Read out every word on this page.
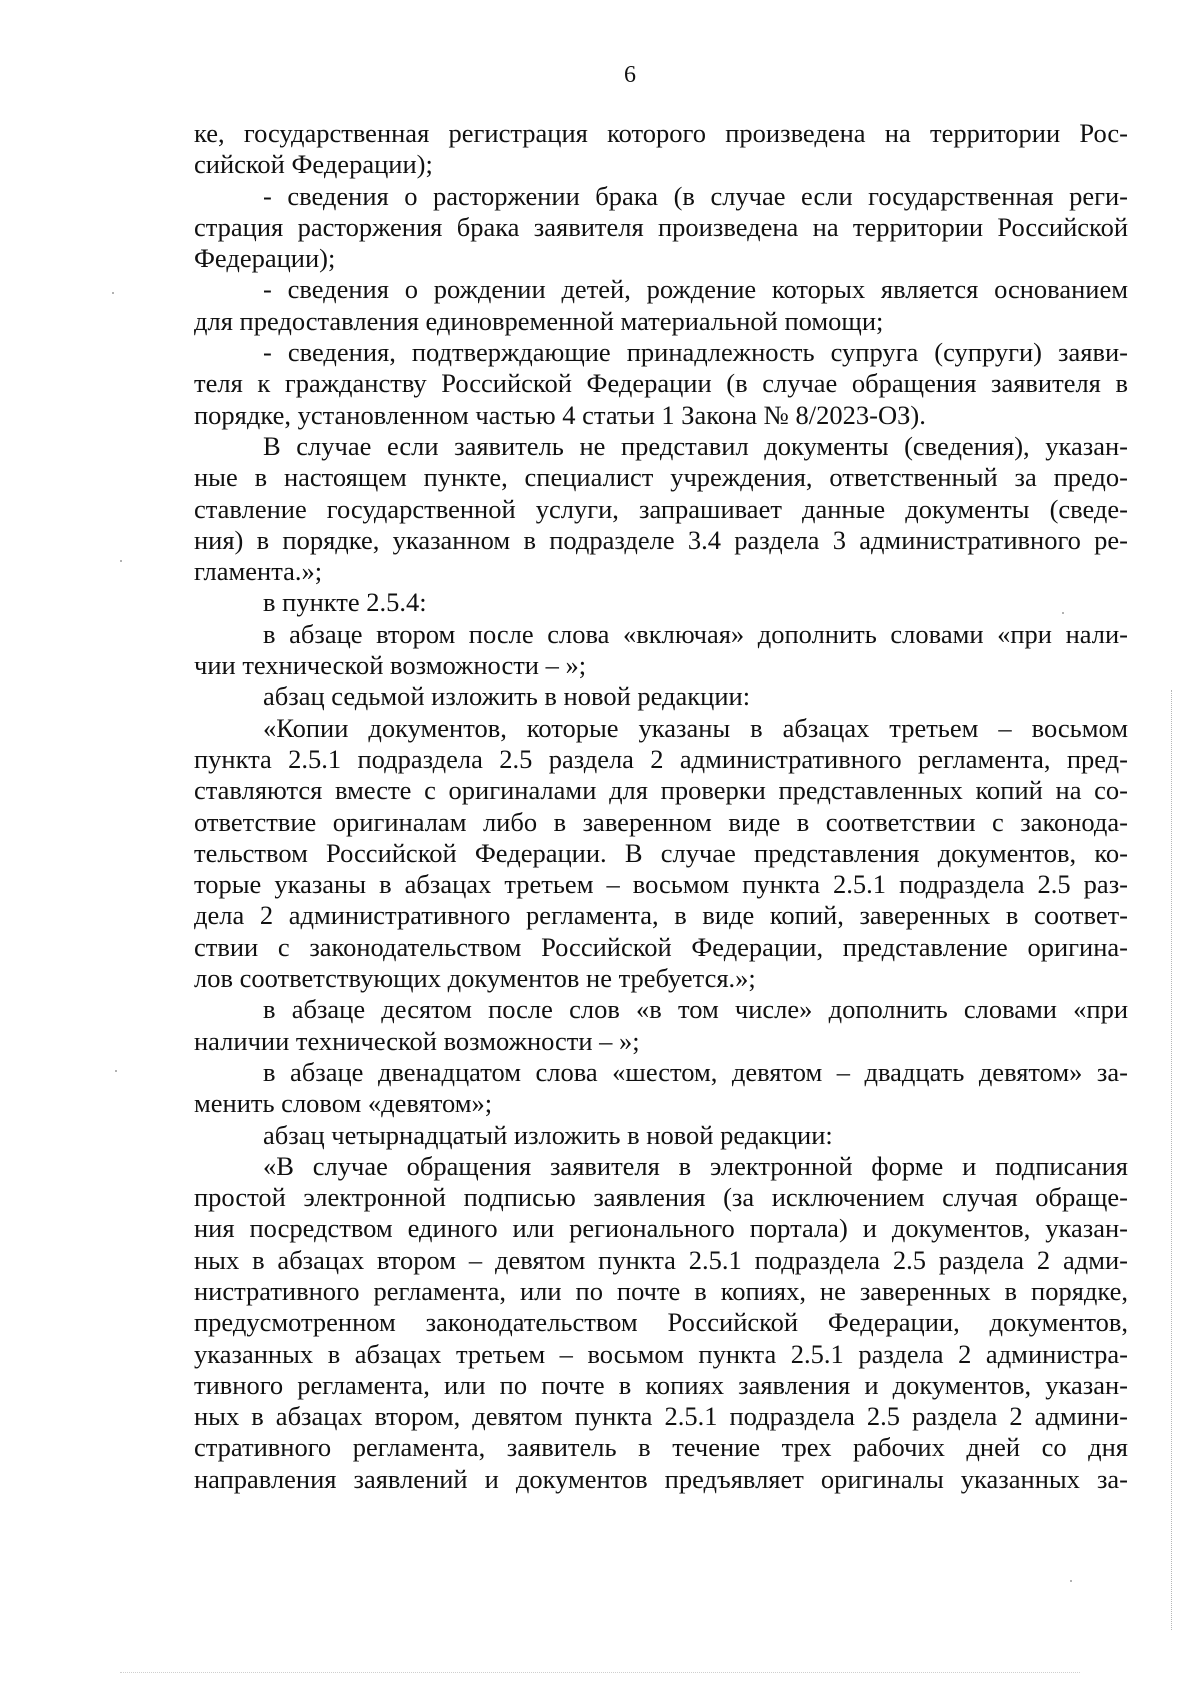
6
ке, государственная регистрация которого произведена на территории Рос-
сийской Федерации);
- сведения о расторжении брака (в случае если государственная реги-
страция расторжения брака заявителя произведена на территории Российской
Федерации);
- сведения о рождении детей, рождение которых является основанием
для предоставления единовременной материальной помощи;
- сведения, подтверждающие принадлежность супруга (супруги) заяви-
теля к гражданству Российской Федерации (в случае обращения заявителя в
порядке, установленном частью 4 статьи 1 Закона № 8/2023-ОЗ).
В случае если заявитель не представил документы (сведения), указан-
ные в настоящем пункте, специалист учреждения, ответственный за предо-
ставление государственной услуги, запрашивает данные документы (сведе-
ния) в порядке, указанном в подразделе 3.4 раздела 3 административного ре-
гламента.»;
в пункте 2.5.4:
в абзаце втором после слова «включая» дополнить словами «при нали-
чии технической возможности – »;
абзац седьмой изложить в новой редакции:
«Копии документов, которые указаны в абзацах третьем – восьмом
пункта 2.5.1 подраздела 2.5 раздела 2 административного регламента, пред-
ставляются вместе с оригиналами для проверки представленных копий на со-
ответствие оригиналам либо в заверенном виде в соответствии с законода-
тельством Российской Федерации. В случае представления документов, ко-
торые указаны в абзацах третьем – восьмом пункта 2.5.1 подраздела 2.5 раз-
дела 2 административного регламента, в виде копий, заверенных в соответ-
ствии с законодательством Российской Федерации, представление оригина-
лов соответствующих документов не требуется.»;
в абзаце десятом после слов «в том числе» дополнить словами «при
наличии технической возможности – »;
в абзаце двенадцатом слова «шестом, девятом – двадцать девятом» за-
менить словом «девятом»;
абзац четырнадцатый изложить в новой редакции:
«В случае обращения заявителя в электронной форме и подписания
простой электронной подписью заявления (за исключением случая обраще-
ния посредством единого или регионального портала) и документов, указан-
ных в абзацах втором – девятом пункта 2.5.1 подраздела 2.5 раздела 2 адми-
нистративного регламента, или по почте в копиях, не заверенных в порядке,
предусмотренном законодательством Российской Федерации, документов,
указанных в абзацах третьем – восьмом пункта 2.5.1 раздела 2 администра-
тивного регламента, или по почте в копиях заявления и документов, указан-
ных в абзацах втором, девятом пункта 2.5.1 подраздела 2.5 раздела 2 админи-
стративного регламента, заявитель в течение трех рабочих дней со дня
направления заявлений и документов предъявляет оригиналы указанных за-
